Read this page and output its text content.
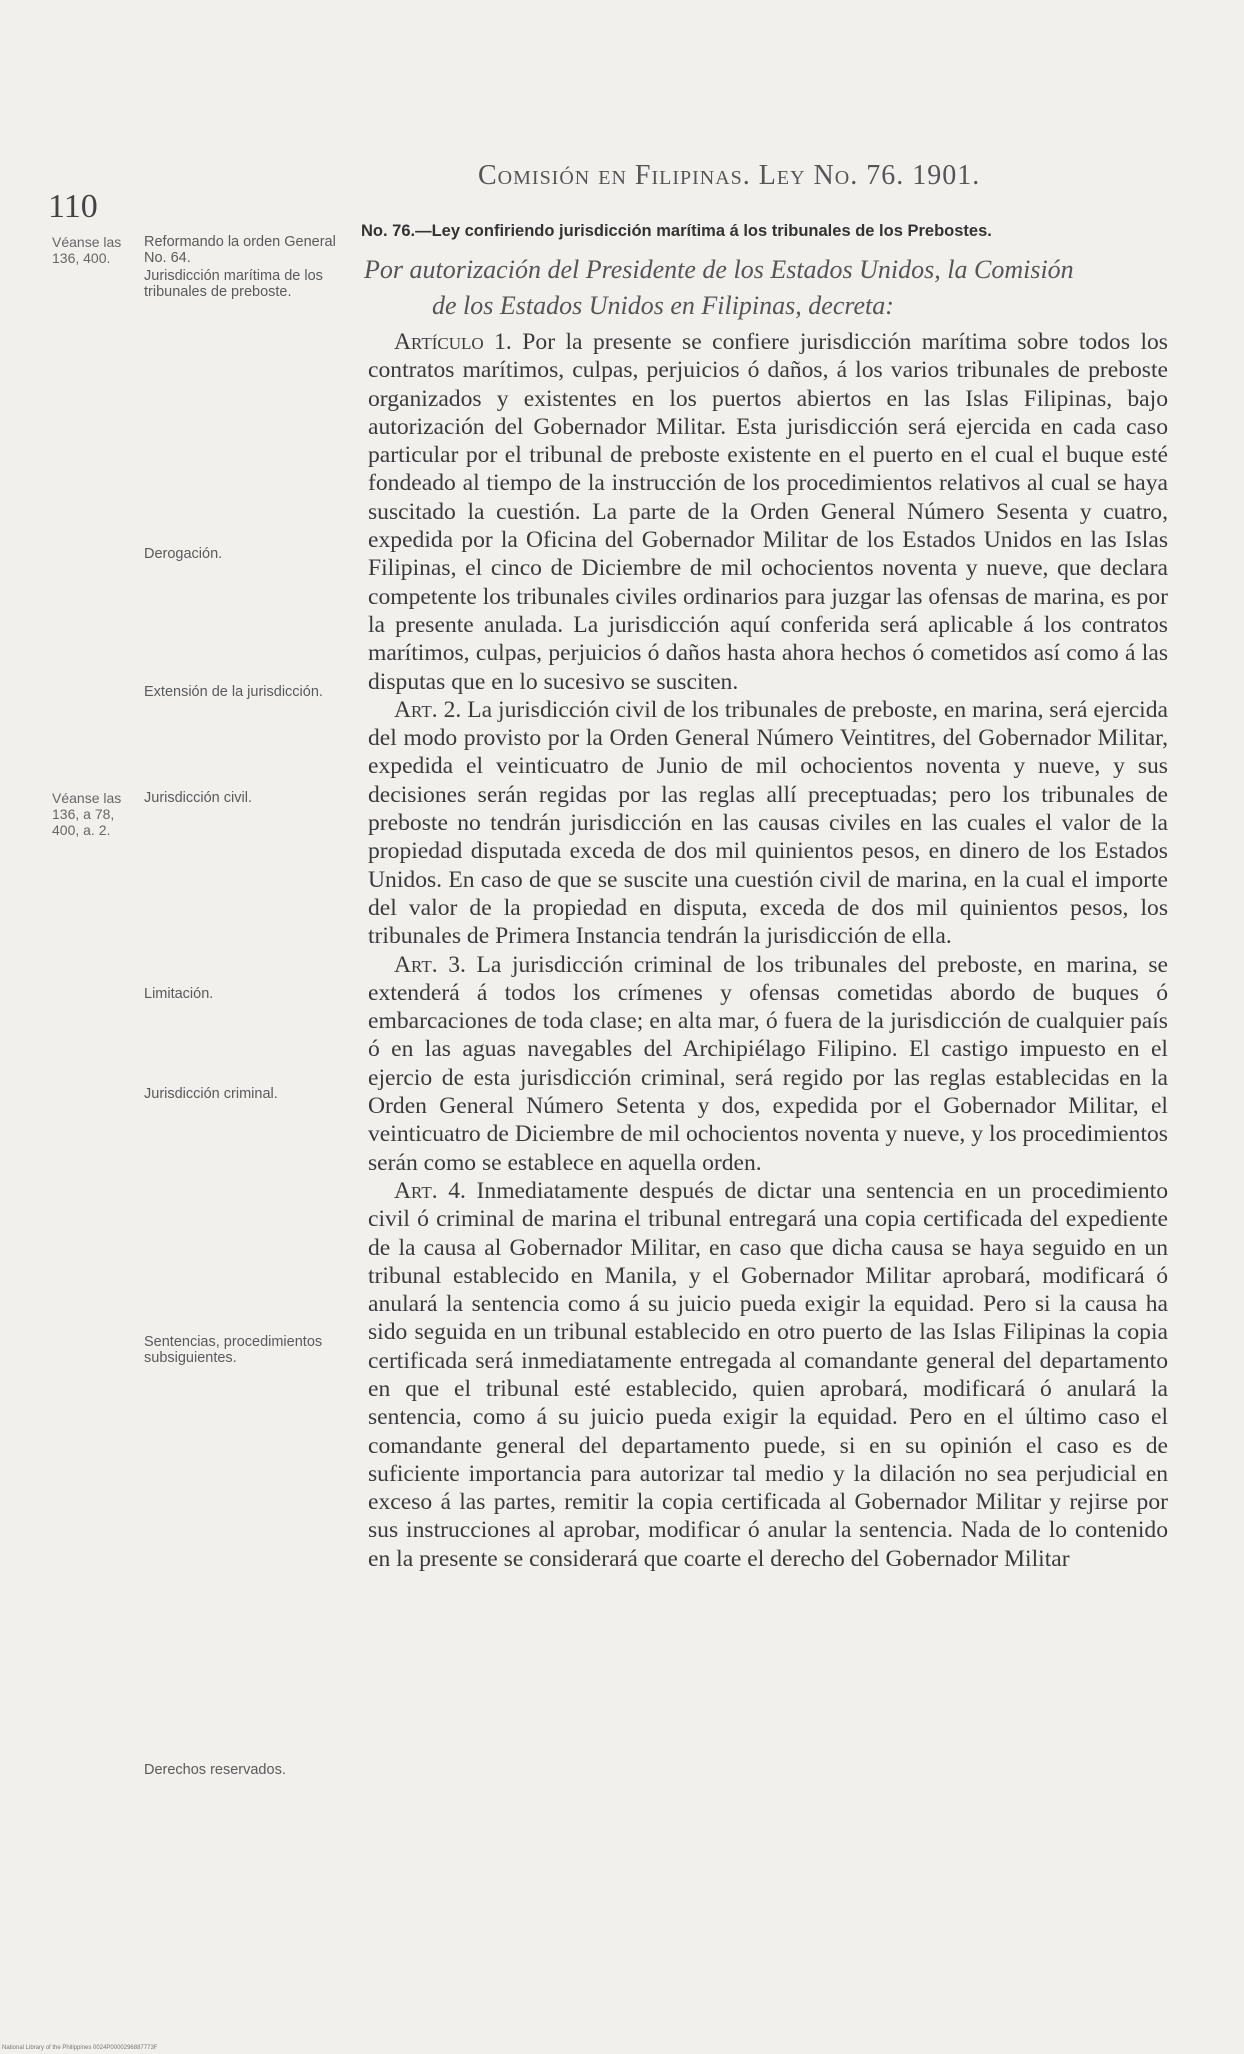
110
Comisión en Filipinas. Ley No. 76. 1901.
Véanse las 136, 400.
Véanse las 136, a 78, 400, a. 2.
Reformando la orden General No. 64.
Jurisdicción marítima de los tribunales de preboste.
Derogación.
Extensión de la jurisdicción.
Jurisdicción civil.
Limitación.
Jurisdicción criminal.
Sentencias, procedimientos subsiguientes.
Derechos reservados.
No. 76.—Ley confiriendo jurisdicción marítima á los tribunales de los Prebostes.
Por autorización del Presidente de los Estados Unidos, la Comisión
de los Estados Unidos en Filipinas, decreta:

Artículo 1. Por la presente se confiere jurisdicción marítima sobre todos los contratos marítimos, culpas, perjuicios ó daños, á los varios tribunales de preboste organizados y existentes en los puertos abiertos en las Islas Filipinas, bajo autorización del Gobernador Militar. Esta jurisdicción será ejercida en cada caso particular por el tribunal de preboste existente en el puerto en el cual el buque esté fondeado al tiempo de la instrucción de los procedimientos relativos al cual se haya suscitado la cuestión. La parte de la Orden General Número Sesenta y cuatro, expedida por la Oficina del Gobernador Militar de los Estados Unidos en las Islas Filipinas, el cinco de Diciembre de mil ochocientos noventa y nueve, que declara competente los tribunales civiles ordinarios para juzgar las ofensas de marina, es por la presente anulada. La jurisdicción aquí conferida será aplicable á los contratos marítimos, culpas, perjuicios ó daños hasta ahora hechos ó cometidos así como á las disputas que en lo sucesivo se susciten.

Art. 2. La jurisdicción civil de los tribunales de preboste, en marina, será ejercida del modo provisto por la Orden General Número Veintitres, del Gobernador Militar, expedida el veinticuatro de Junio de mil ochocientos noventa y nueve, y sus decisiones serán regidas por las reglas allí preceptuadas; pero los tribunales de preboste no tendrán jurisdicción en las causas civiles en las cuales el valor de la propiedad disputada exceda de dos mil quinientos pesos, en dinero de los Estados Unidos. En caso de que se suscite una cuestión civil de marina, en la cual el importe del valor de la propiedad en disputa, exceda de dos mil quinientos pesos, los tribunales de Primera Instancia tendrán la jurisdicción de ella.

Art. 3. La jurisdicción criminal de los tribunales del preboste, en marina, se extenderá á todos los crímenes y ofensas cometidas abordo de buques ó embarcaciones de toda clase; en alta mar, ó fuera de la jurisdicción de cualquier país ó en las aguas navegables del Archipiélago Filipino. El castigo impuesto en el ejercio de esta jurisdicción criminal, será regido por las reglas establecidas en la Orden General Número Setenta y dos, expedida por el Gobernador Militar, el veinticuatro de Diciembre de mil ochocientos noventa y nueve, y los procedimientos serán como se establece en aquella orden.

Art. 4. Inmediatamente después de dictar una sentencia en un procedimiento civil ó criminal de marina el tribunal entregará una copia certificada del expediente de la causa al Gobernador Militar, en caso que dicha causa se haya seguido en un tribunal establecido en Manila, y el Gobernador Militar aprobará, modificará ó anulará la sentencia como á su juicio pueda exigir la equidad. Pero si la causa ha sido seguida en un tribunal establecido en otro puerto de las Islas Filipinas la copia certificada será inmediatamente entregada al comandante general del departamento en que el tribunal esté establecido, quien aprobará, modificará ó anulará la sentencia, como á su juicio pueda exigir la equidad. Pero en el último caso el comandante general del departamento puede, si en su opinión el caso es de suficiente importancia para autorizar tal medio y la dilación no sea perjudicial en exceso á las partes, remitir la copia certificada al Gobernador Militar y rejirse por sus instrucciones al aprobar, modificar ó anular la sentencia. Nada de lo contenido en la presente se considerará que coarte el derecho del Gobernador Militar

National Library of the Philippines 0024P0000296887773F
